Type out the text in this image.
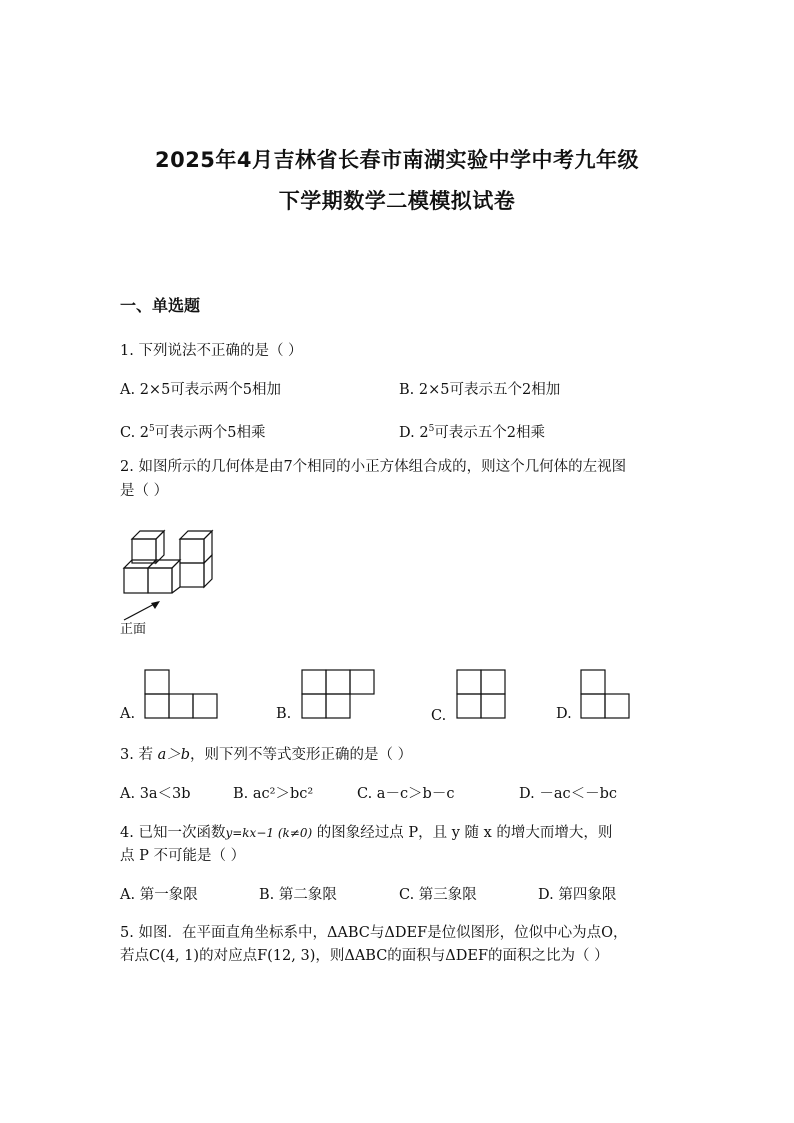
2025年4月吉林省长春市南湖实验中学中考九年级
下学期数学二模模拟试卷
一、单选题
1. 下列说法不正确的是（ ）
A. 2×5可表示两个5相加	B. 2×5可表示五个2相加
C. $2^5$可表示两个5相乘	D. $2^5$可表示五个2相乘
2. 如图所示的几何体是由7个相同的小正方体组合成的，则这个几何体的左视图
是（ ）
正面
A.	B.	C.	D.
3. 若 a＞b，则下列不等式变形正确的是（ ）
A. 3a＜3b	B. ac²＞bc²	C. a－c＞b－c	D. －ac＜－bc
4. 已知一次函数y=kx−1 (k≠0) 的图象经过点 P，且 y 随 x 的增大而增大，则
点 P 不可能是（ ）
A. 第一象限	B. 第二象限	C. 第三象限	D. 第四象限
5. 如图．在平面直角坐标系中，ΔABC与ΔDEF是位似图形，位似中心为点O，
若点C(4, 1)的对应点F(12, 3)，则ΔABC的面积与ΔDEF的面积之比为（ ）
